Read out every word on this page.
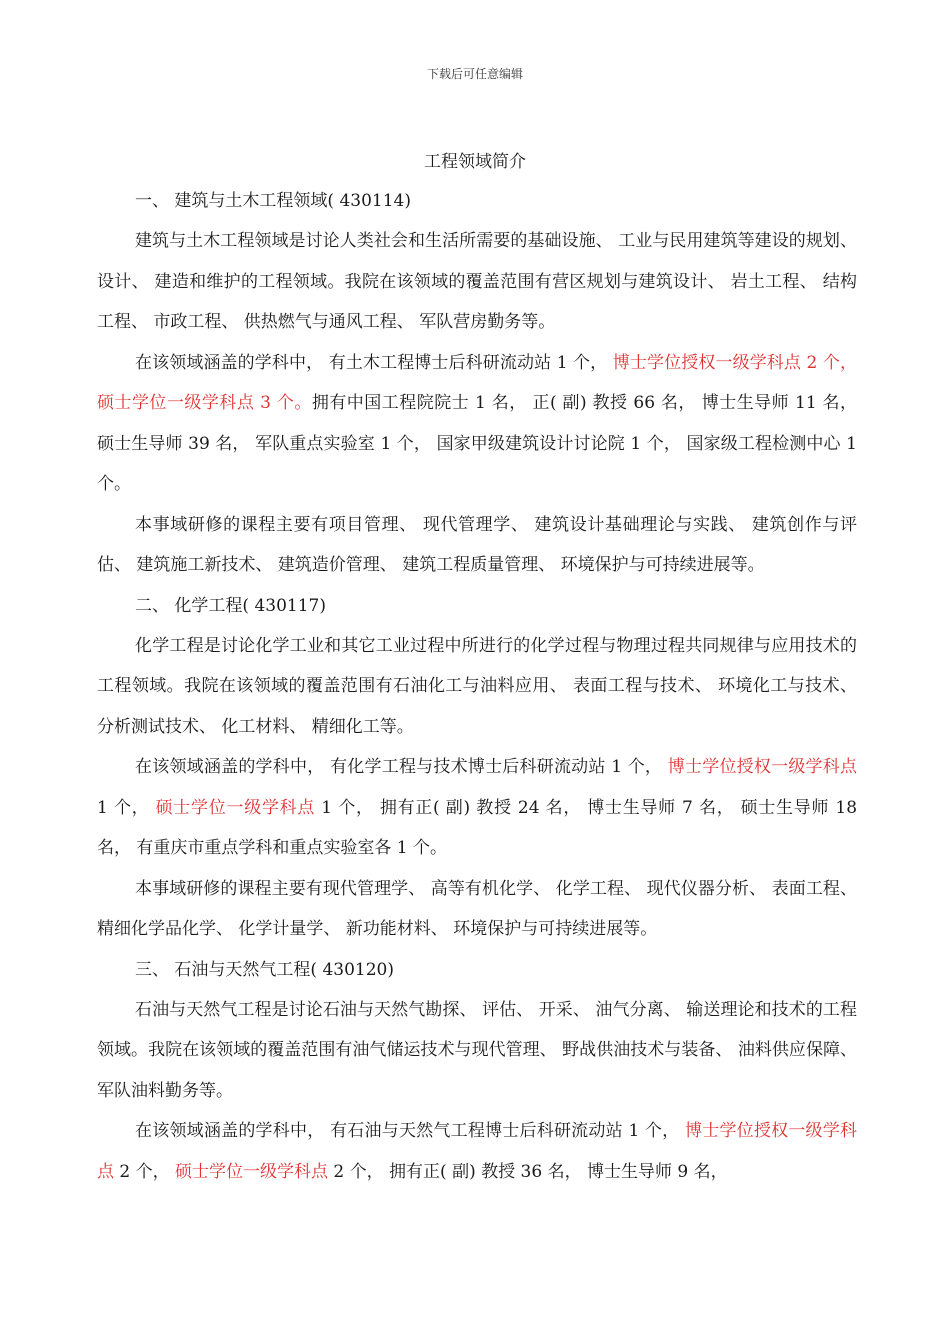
下载后可任意编辑
工程领域简介

一、 建筑与土木工程领域( 430114)

建筑与土木工程领域是讨论人类社会和生活所需要的基础设施、 工业与民用建筑等建设的规划、 设计、 建造和维护的工程领域。我院在该领域的覆盖范围有营区规划与建筑设计、 岩土工程、 结构工程、 市政工程、 供热燃气与通风工程、 军队营房勤务等。

在该领域涵盖的学科中， 有土木工程博士后科研流动站 1 个， 博士学位授权一级学科点 2 个， 硕士学位一级学科点 3 个。拥有中国工程院院士 1 名， 正( 副) 教授 66 名， 博士生导师 11 名， 硕士生导师 39 名， 军队重点实验室 1 个， 国家甲级建筑设计讨论院 1 个， 国家级工程检测中心 1 个。

本事域研修的课程主要有项目管理、 现代管理学、 建筑设计基础理论与实践、 建筑创作与评估、 建筑施工新技术、 建筑造价管理、 建筑工程质量管理、 环境保护与可持续进展等。

二、 化学工程( 430117)

化学工程是讨论化学工业和其它工业过程中所进行的化学过程与物理过程共同规律与应用技术的工程领域。我院在该领域的覆盖范围有石油化工与油料应用、 表面工程与技术、 环境化工与技术、 分析测试技术、 化工材料、 精细化工等。

在该领域涵盖的学科中， 有化学工程与技术博士后科研流动站 1 个， 博士学位授权一级学科点 1 个， 硕士学位一级学科点 1 个， 拥有正( 副) 教授 24 名， 博士生导师 7 名， 硕士生导师 18 名， 有重庆市重点学科和重点实验室各 1 个。

本事域研修的课程主要有现代管理学、 高等有机化学、 化学工程、 现代仪器分析、 表面工程、 精细化学品化学、 化学计量学、 新功能材料、 环境保护与可持续进展等。

三、 石油与天然气工程( 430120)

石油与天然气工程是讨论石油与天然气勘探、 评估、 开采、 油气分离、 输送理论和技术的工程领域。我院在该领域的覆盖范围有油气储运技术与现代管理、 野战供油技术与装备、 油料供应保障、 军队油料勤务等。

在该领域涵盖的学科中， 有石油与天然气工程博士后科研流动站 1 个， 博士学位授权一级学科点 2 个， 硕士学位一级学科点 2 个， 拥有正( 副) 教授 36 名， 博士生导师 9 名，
